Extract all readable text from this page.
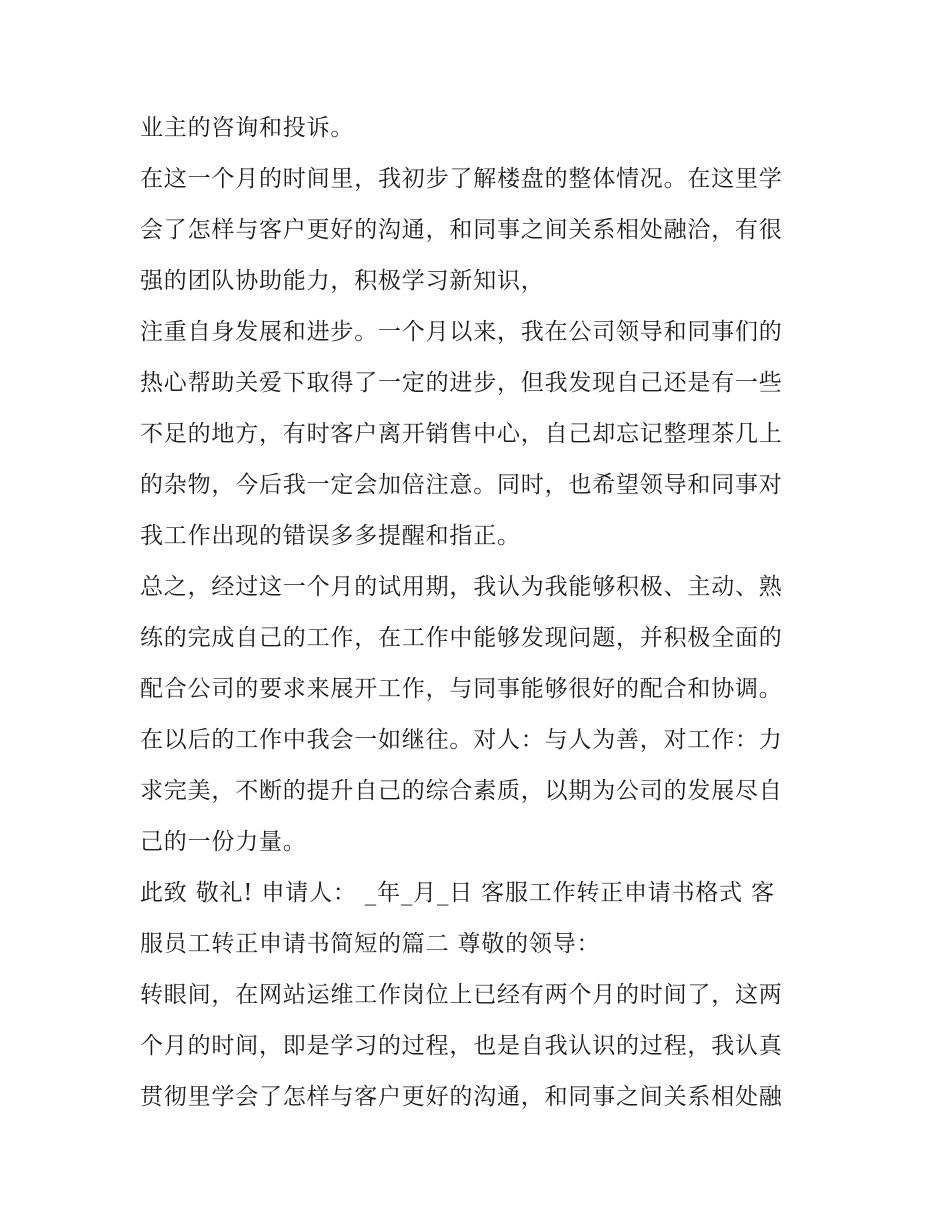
业主的咨询和投诉。
在这一个月的时间里，我初步了解楼盘的整体情况。在这里学
会了怎样与客户更好的沟通，和同事之间关系相处融洽，有很
强的团队协助能力，积极学习新知识，
注重自身发展和进步。一个月以来，我在公司领导和同事们的
热心帮助关爱下取得了一定的进步，但我发现自己还是有一些
不足的地方，有时客户离开销售中心，自己却忘记整理茶几上
的杂物，今后我一定会加倍注意。同时，也希望领导和同事对
我工作出现的错误多多提醒和指正。
总之，经过这一个月的试用期，我认为我能够积极、主动、熟
练的完成自己的工作，在工作中能够发现问题，并积极全面的
配合公司的要求来展开工作，与同事能够很好的配合和协调。
在以后的工作中我会一如继往。对人：与人为善，对工作：力
求完美，不断的提升自己的综合素质，以期为公司的发展尽自
己的一份力量。
此致 敬礼! 申请人： _年_月_日 客服工作转正申请书格式 客
服员工转正申请书简短的篇二 尊敬的领导：
转眼间，在网站运维工作岗位上已经有两个月的时间了，这两
个月的时间，即是学习的过程，也是自我认识的过程，我认真
贯彻里学会了怎样与客户更好的沟通，和同事之间关系相处融
